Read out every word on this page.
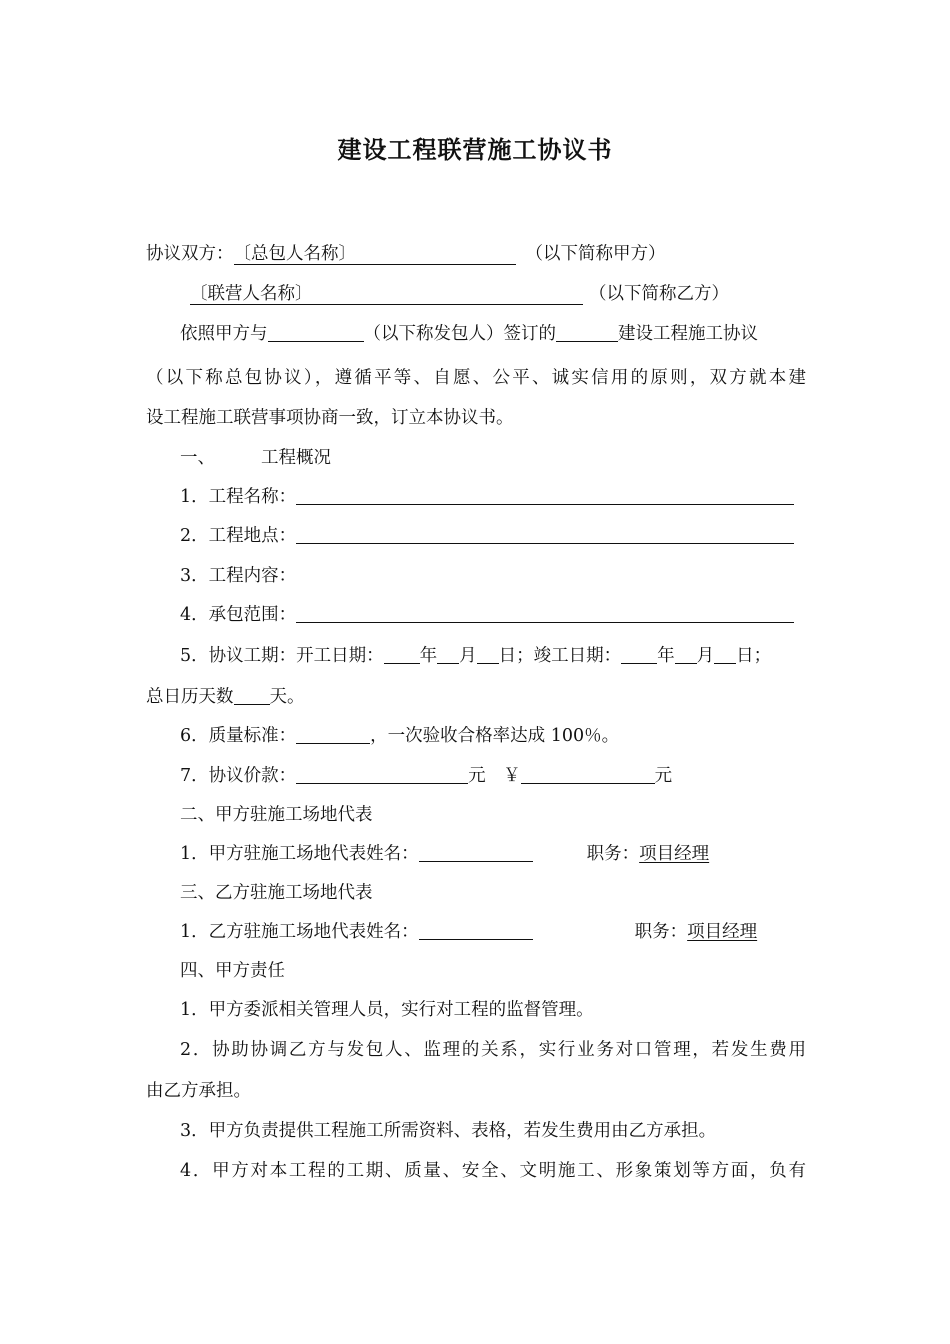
建设工程联营施工协议书
协议双方：〔总包人名称〕	（以下简称甲方）
〔联营人名称〕	（以下简称乙方）
依照甲方与	（以下称发包人）签订的	建设工程施工协议
（以下称总包协议），遵循平等、自愿、公平、诚实信用的原则，双方就本建
设工程施工联营事项协商一致，订立本协议书。
一、	工程概况
1．工程名称：
2．工程地点：
3．工程内容：
4．承包范围：
5．协议工期：开工日期： 年 月 日；竣工日期： 年 月 日；
总日历天数 天。
6．质量标准：	，一次验收合格率达成 100％。
7．协议价款：	元　￥	元
二、甲方驻施工场地代表
1．甲方驻施工场地代表姓名：	职务：项目经理
三、乙方驻施工场地代表
1．乙方驻施工场地代表姓名：	职务：项目经理
四、甲方责任
1．甲方委派相关管理人员，实行对工程的监督管理。
2．协助协调乙方与发包人、监理的关系，实行业务对口管理，若发生费用
由乙方承担。
3．甲方负责提供工程施工所需资料、表格，若发生费用由乙方承担。
4．甲方对本工程的工期、质量、安全、文明施工、形象策划等方面，负有
